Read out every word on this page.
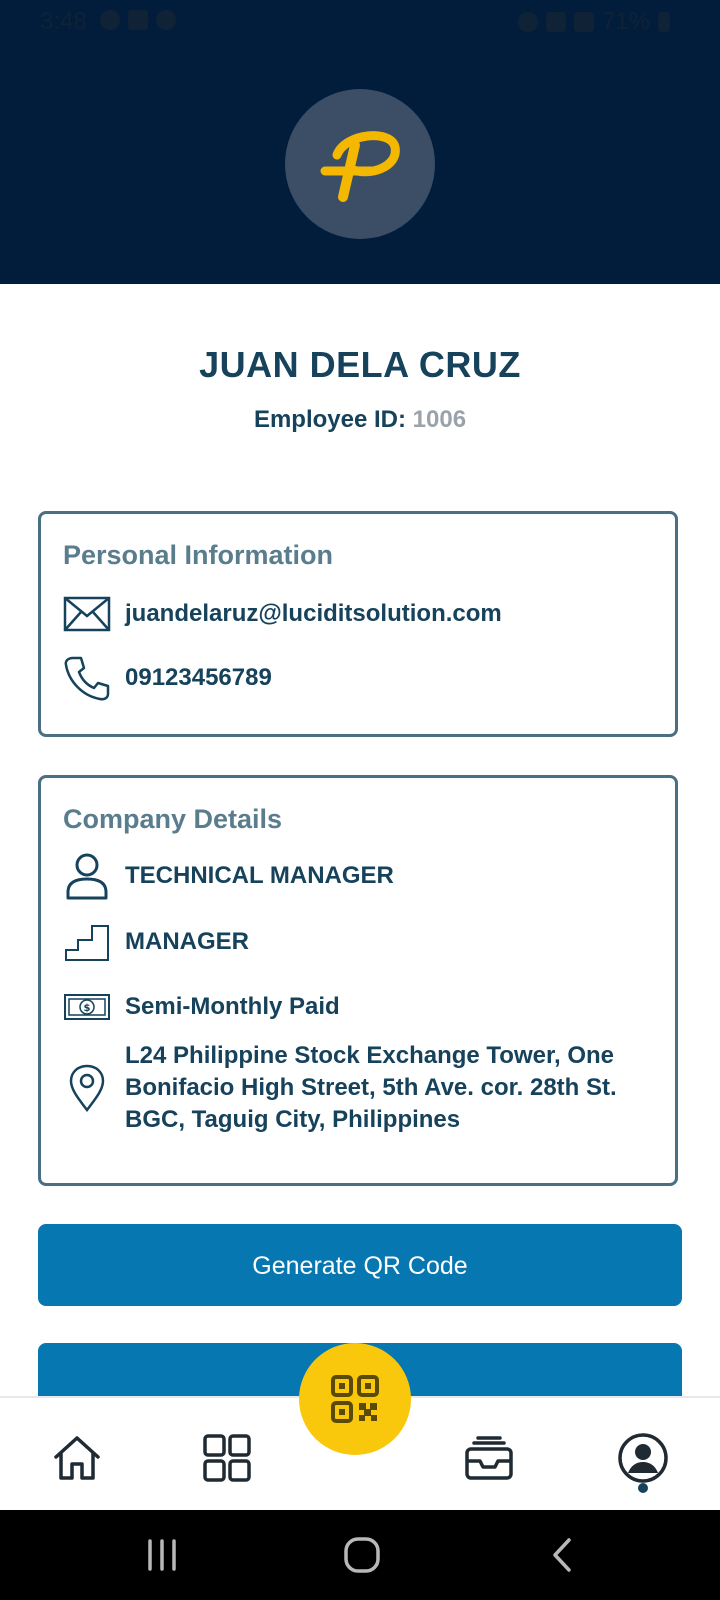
3:48	71%
JUAN DELA CRUZ
Employee ID: 1006
Personal Information
juandelaruz@luciditsolution.com
09123456789
Company Details
TECHNICAL MANAGER
MANAGER
$ Semi-Monthly Paid
L24 Philippine Stock Exchange Tower, One Bonifacio High Street, 5th Ave. cor. 28th St. BGC, Taguig City, Philippines
Generate QR Code
